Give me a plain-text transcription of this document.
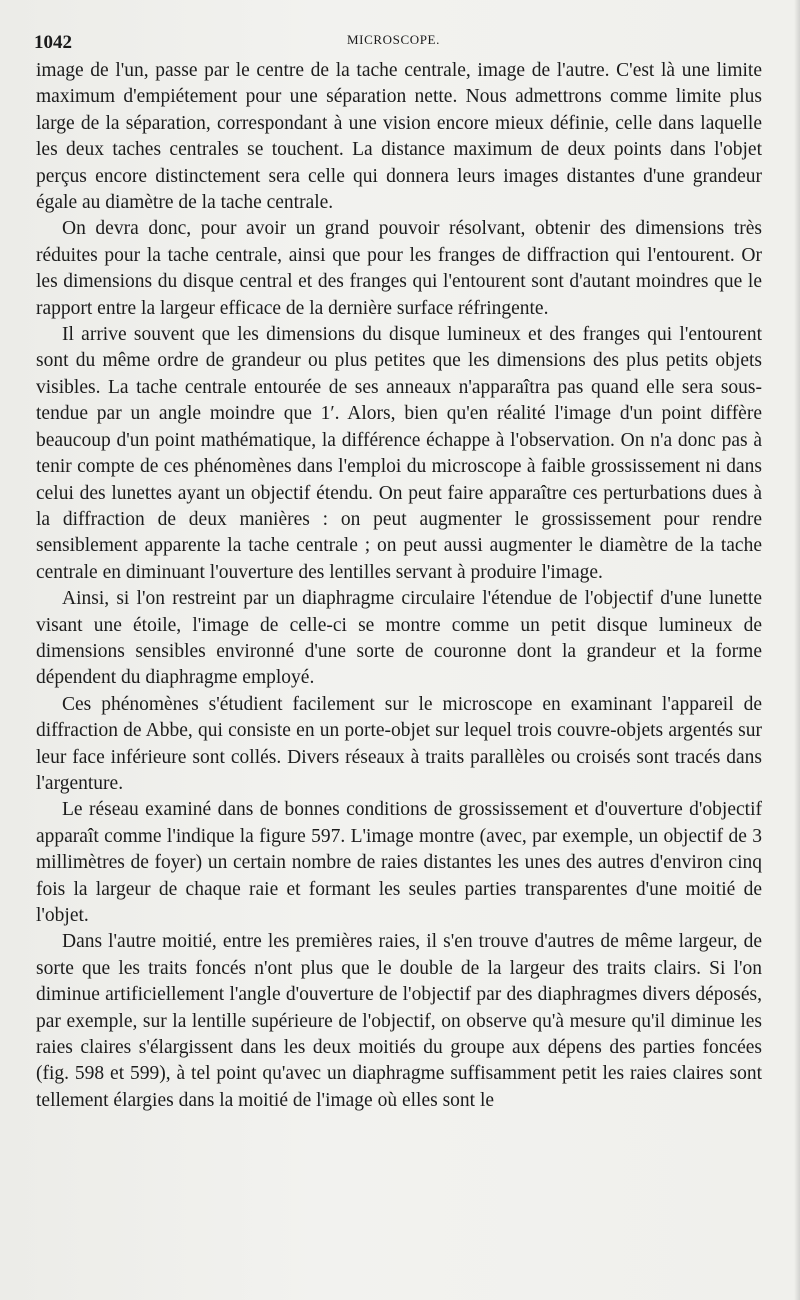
1042	MICROSCOPE.

image de l'un, passe par le centre de la tache centrale, image de l'autre. C'est là une limite maximum d'empiétement pour une séparation nette. Nous admettrons comme limite plus large de la séparation, correspondant à une vision encore mieux définie, celle dans laquelle les deux taches centrales se touchent. La distance maximum de deux points dans l'objet perçus encore distinctement sera celle qui donnera leurs images distantes d'une grandeur égale au diamètre de la tache centrale.

On devra donc, pour avoir un grand pouvoir résolvant, obtenir des dimensions très réduites pour la tache centrale, ainsi que pour les franges de diffraction qui l'entourent. Or les dimensions du disque central et des franges qui l'entourent sont d'autant moindres que le rapport entre la largeur efficace de la dernière surface réfringente.

Il arrive souvent que les dimensions du disque lumineux et des franges qui l'entourent sont du même ordre de grandeur ou plus petites que les dimensions des plus petits objets visibles. La tache centrale entourée de ses anneaux n'apparaîtra pas quand elle sera sous-tendue par un angle moindre que 1′. Alors, bien qu'en réalité l'image d'un point diffère beaucoup d'un point mathématique, la différence échappe à l'observation. On n'a donc pas à tenir compte de ces phénomènes dans l'emploi du microscope à faible grossissement ni dans celui des lunettes ayant un objectif étendu. On peut faire apparaître ces perturbations dues à la diffraction de deux manières : on peut augmenter le grossissement pour rendre sensiblement apparente la tache centrale ; on peut aussi augmenter le diamètre de la tache centrale en diminuant l'ouverture des lentilles servant à produire l'image.

Ainsi, si l'on restreint par un diaphragme circulaire l'étendue de l'objectif d'une lunette visant une étoile, l'image de celle-ci se montre comme un petit disque lumineux de dimensions sensibles environné d'une sorte de couronne dont la grandeur et la forme dépendent du diaphragme employé.

Ces phénomènes s'étudient facilement sur le microscope en examinant l'appareil de diffraction de Abbe, qui consiste en un porte-objet sur lequel trois couvre-objets argentés sur leur face inférieure sont collés. Divers réseaux à traits parallèles ou croisés sont tracés dans l'argenture.

Le réseau examiné dans de bonnes conditions de grossissement et d'ouverture d'objectif apparaît comme l'indique la figure 597. L'image montre (avec, par exemple, un objectif de 3 millimètres de foyer) un certain nombre de raies distantes les unes des autres d'environ cinq fois la largeur de chaque raie et formant les seules parties transparentes d'une moitié de l'objet.

Dans l'autre moitié, entre les premières raies, il s'en trouve d'autres de même largeur, de sorte que les traits foncés n'ont plus que le double de la largeur des traits clairs. Si l'on diminue artificiellement l'angle d'ouverture de l'objectif par des diaphragmes divers déposés, par exemple, sur la lentille supérieure de l'objectif, on observe qu'à mesure qu'il diminue les raies claires s'élargissent dans les deux moitiés du groupe aux dépens des parties foncées (fig. 598 et 599), à tel point qu'avec un diaphragme suffisamment petit les raies claires sont tellement élargies dans la moitié de l'image où elles sont le
